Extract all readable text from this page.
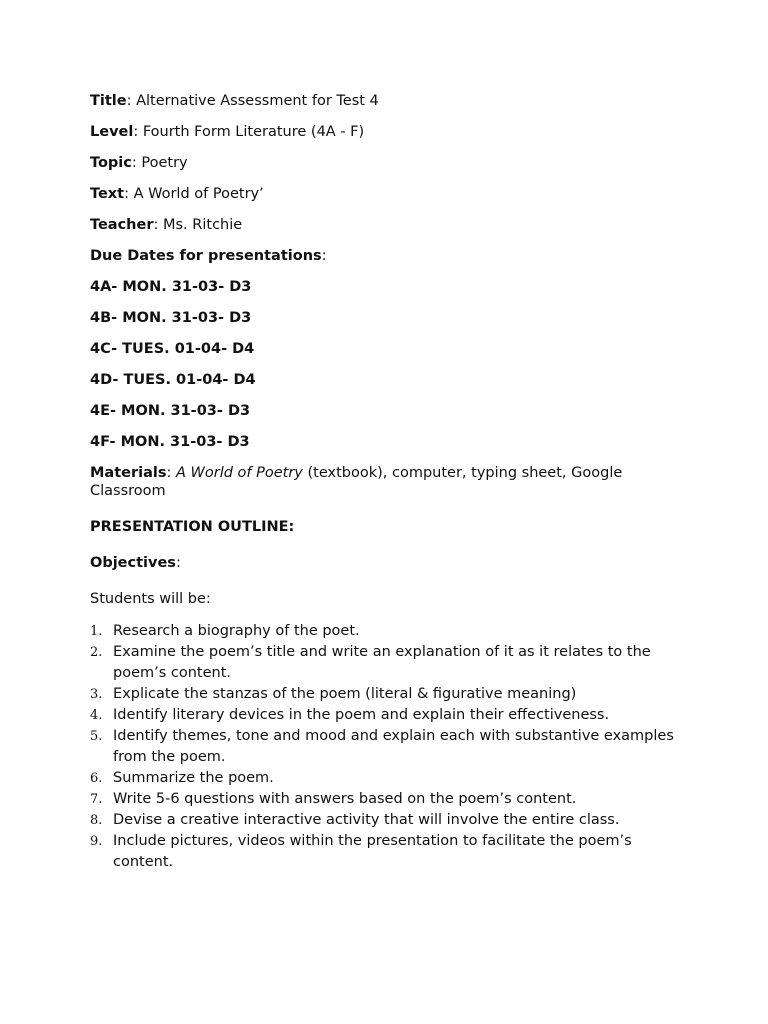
Title: Alternative Assessment for Test 4
Level: Fourth Form Literature (4A - F)
Topic: Poetry
Text: A World of Poetry’
Teacher: Ms. Ritchie
Due Dates for presentations:
4A- MON. 31-03- D3
4B- MON. 31-03- D3
4C- TUES. 01-04- D4
4D- TUES. 01-04- D4
4E- MON. 31-03- D3
4F- MON. 31-03- D3
Materials: A World of Poetry (textbook), computer, typing sheet, Google Classroom
PRESENTATION OUTLINE:
Objectives:
Students will be:
1. Research a biography of the poet.
2. Examine the poem’s title and write an explanation of it as it relates to the poem’s content.
3. Explicate the stanzas of the poem (literal & figurative meaning)
4. Identify literary devices in the poem and explain their effectiveness.
5. Identify themes, tone and mood and explain each with substantive examples from the poem.
6. Summarize the poem.
7. Write 5-6 questions with answers based on the poem’s content.
8. Devise a creative interactive activity that will involve the entire class.
9. Include pictures, videos within the presentation to facilitate the poem’s content.
